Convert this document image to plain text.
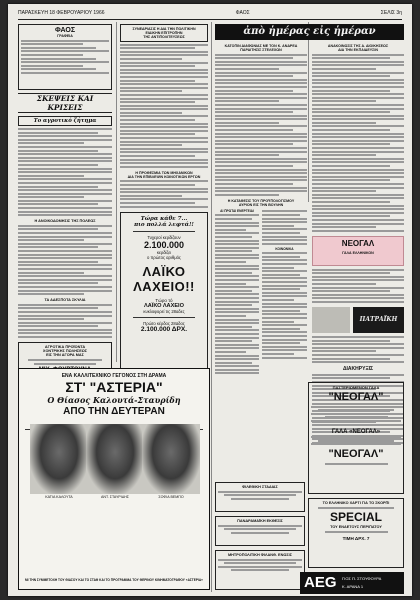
ΠΑΡΑΣΚΕΥΗ 18 ΦΕΒΡΟΥΑΡΙΟΥ 1966	ΦΑΟΣ	ΣΕΛΙΣ 3η
ΦΑΟΣ
ΓΡΑΦΕΙΑ
ΣΚΕΨΕΙΣ ΚΑΙ ΚΡΙΣΕΙΣ
Το αγροτικό ζήτημα
Η ΑΝΟΙΚΟΔΟΜΗΣΙΣ ΤΗΣ ΠΟΛΕΩΣ
ΤΑ ΑΔΕΣΠΟΤΑ ΣΚΥΛΙΑ
ΑΓΡΟΤΙΚΑ ΠΡΟΪΟΝΤΑ
ΧΟΝΤΡΙΚΗΣ ΠΩΛΗΣΕΩΣ
ΕΙΣ ΤΗΝ ΑΓΟΡΑ ΜΑΣ
ΣΥΝΕΔΡΙΑΣΙΣ Η ΔΙΑ ΤΗΝ ΠΟΛΙΤΙΚΗΝ
ΕΙΔΙΚΗΝ ΕΠΙΤΡΟΠΗΝ
ΤΗΣ ΑΝΤΙΠΟΛΙΤΕΥΣΕΩΣ
Η ΠΡΟΘΕΣΜΙΑ ΤΩΝ ΜΗΧΑΝΙΚΩΝ
ΔΙΑ ΤΗΝ ΕΠΙΒΛΕΨΙΝ ΚΟΙΝΟΤΙΚΩΝ ΕΡΓΩΝ
Τώρα κάθε 7...
πιο πολλά λεφτά!!
Τυχεροί κερδίζουν
2.100.000
κερδίζει
ο πρώτος αριθμός
ΛΑΪΚΟ ΛΑΧΕΙΟ!!
Τώρο τό
ΛΑΪΚΟ ΛΑΧΕΙΟ
κυκλοφορεί τις 28αδες
Πρώτο κέρδος 28αδος
2.100.000 ΔΡΧ.
ἀπὸ ἡμέρας εἰς ἡμέραν
ΚΑΤΟΠΙΝ ΔΙΑΦΩΝΙΑΣ ΜΕ ΤΟΝ Κ. ΑΝΔΡΕΑ
ΠΑΡΑΙΤΗΣΙΣ ΣΤΕΛΕΧΩΝ
Η ΚΑΤΑΘΕΣΙΣ ΤΟΥ ΠΡΟΫΠΟΛΟΓΙΣΜΟΥ
ΑΥΡΙΟΝ ΕΙΣ ΤΗΝ ΒΟΥΛΗΝ
ΑΙ ΠΡΩΤΑΙ ΕΝΕΡΓΕΙΑΙ
ΚΟΙΝΩΝΙΚΑ
ΑΝΑΚΟΙΝΩΣΙΣ ΤΗΣ Α. ΔΙΟΙΚΗΣΕΩΣ
ΔΙΑ ΤΗΝ ΕΚΠΑΙΔΕΥΣΙΝ
ΝΕΟΓΑΛ
ΓΑΛΑ ΕΛΛΗΝΙΚΟΝ
ΠΑΤΡΑΪΚΗ
ΔΙΑΚΗΡΥΞΙΣ
ΠΑΣΤΕΡΙΩΜΕΝΟΝ ΓΑΛΑ
"ΝΕΟΓΑΛ"
ΓΑΛΑ «ΝΕΟΓΑΛ»
"ΝΕΟΓΑΛ"
ΦΙΛΕΘΙΚΗ ΣΤΑΔΙΑΣ
ΠΑΝΔΡΑΜΑΪΚΗ ΕΚΘΕΣΙΣ
ΜΗΤΡΟΠΟΛΙΤΙΚΗ ΦΙΛΑΝΘ. ΕΝΩΣΙΣ
ΤΟ ΕΛΛΗΝΙΚΟ ΧΑΡΤΙ ΓΙΑ ΤΟ ΣΚΟΡΠΙ
SPECIAL
ΤΟΥ ΕΝΑΕΤΟΥΣ ΠΕΡΙΠΑΤΟΥ
ΤΙΜΗ ΔΡΧ. 7
AEG ΓΙΟΣ Π. ΣΤΟΥΦΟΥΡΑ
Κ. ΑΡΑΝΑ 1
ΕΝΑ ΚΑΛΛΙΤΕΧΝΙΚΟ ΓΕΓΟΝΟΣ ΣΤΗ ΔΡΑΜΑ
ΣΤ' "ΑΣΤΕΡΙΑ"
Ο Θίασος Καλουτά-Σταυρίδη
ΑΠΟ ΤΗΝ ΔΕΥΤΕΡΑΝ
ΚΑΤΙΑ ΚΑΛΟΥΤΑ	ΑΝΤ. ΣΤΑΥΡΙΔΗΣ	ΣΟΦΙΑ ΒΕΜΠΟ
ΜΙ ΤΗΝ ΣΥΜΜΕΤΟΧΗ ΤΟΥ ΘΙΑΣΟΥ ΚΑΙ ΤΟ ΣΤΑΘ ΚΑΙ ΤΟ ΠΡΟΓΡΑΜΜΑ ΤΟΥ ΘΕΡΙΝΟΥ ΚΙΝΗΜΑΤΟΓΡΑΦΟΥ «ΑΣΤΕΡΙΑ»
